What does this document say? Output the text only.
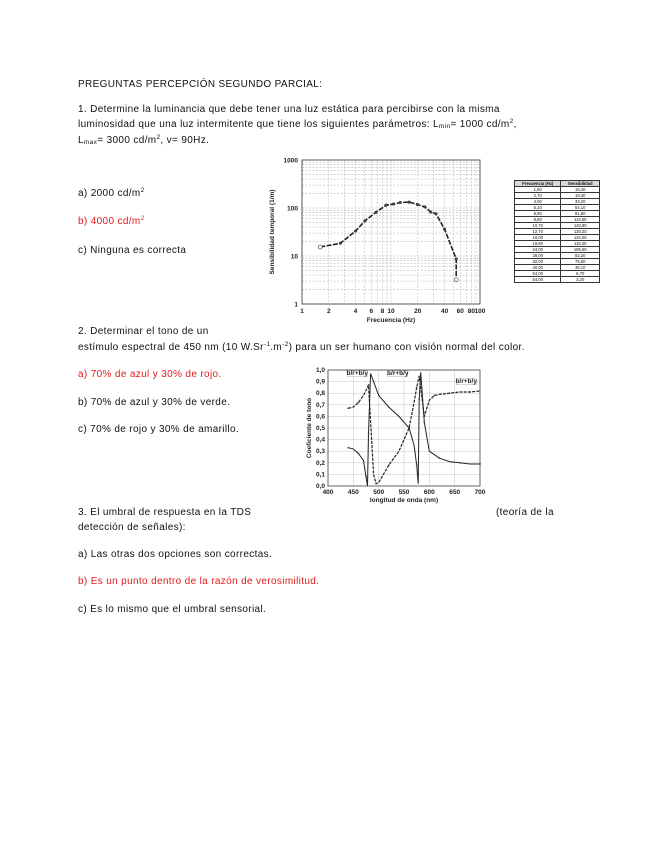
PREGUNTAS PERCEPCIÓN SEGUNDO PARCIAL:
1. Determine la luminancia que debe tener una luz estática para percibirse con la misma
luminosidad que una luz intermitente que tiene los siguientes parámetros: $L_{min}= 1000$ $cd/m^2$,
$L_{max}= 3000$ $cd/m^2$, v= 90Hz.
a) 2000 $cd/m^2$
b) 4000 $cd/m^2$
c) Ninguna es correcta
1
10
100
1000
1	2	4 6 8 10	20	40 60 80 100
Frecuencia (Hz)
Sensibilidad temporal (1/m)
Frecuencia (Hz)	Sensibilidad
1,60	15,40
2,70	18,40
4,00	33,20
5,10	54,10
6,80	81,60
8,80	114,50
10,70	120,80
12,70	130,20
16,00	132,50
19,80	118,30
24,00	105,60
28,00	82,20
32,00	75,80
40,00	36,10
54,00	8,70
54,00	3,20
2. Determinar el tono de un
estímulo espectral de 450 nm (10 $W.Sr^{-1}.m^{-2}$) para un ser humano con visión normal del color.
a) 70% de azul y 30% de rojo.
b) 70% de azul y 30% de verde.
c) 70% de rojo y 30% de amarillo.
0,0
0,1
0,2
0,3
0,4
0,5
0,6
0,7
0,8
0,9
1,0
400 450 500 550 600 650 700
longitud de onda (nm)
Coeficiente de tono
b/r+b/y	b/r+b/y
b/r+b/y
3. El umbral de respuesta en la TDS	(teoría de la
detección de señales):
a) Las otras dos opciones son correctas.
b) Es un punto dentro de la razón de verosimilitud.
c) Es lo mismo que el umbral sensorial.
